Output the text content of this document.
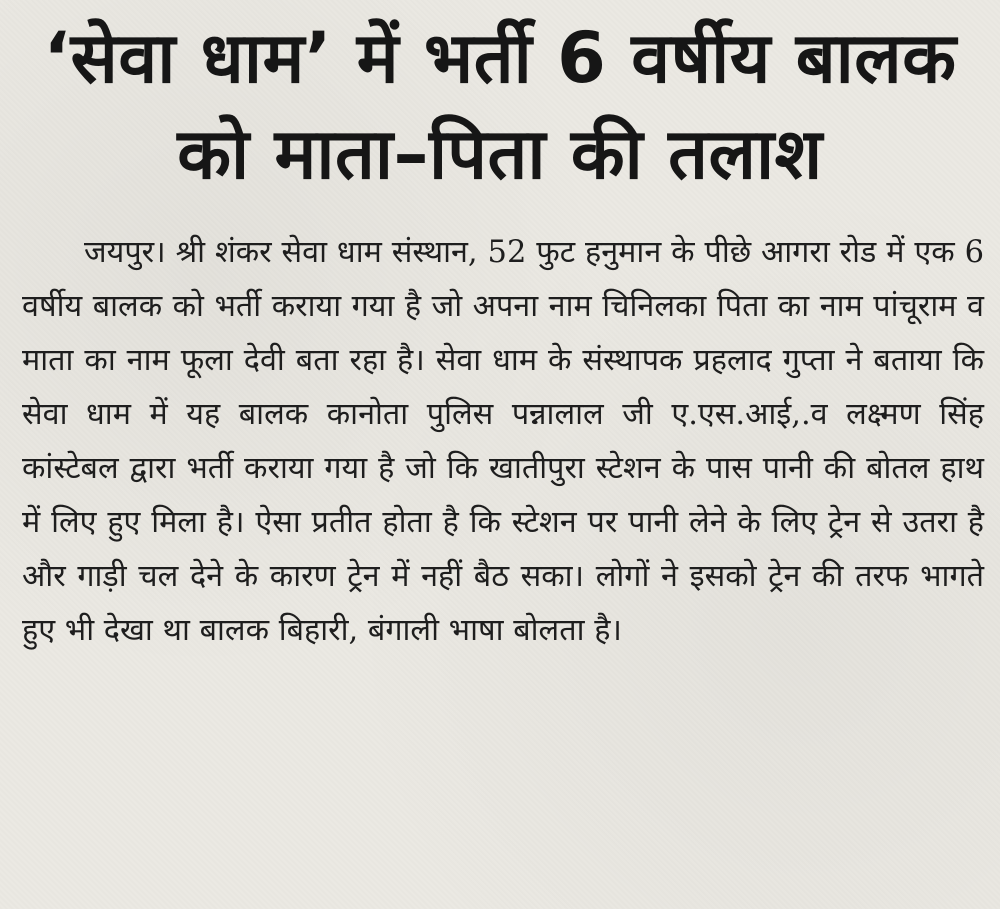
‘सेवा धाम’ में भर्ती 6 वर्षीय बालक
को माता–पिता की तलाश

जयपुर। श्री शंकर सेवा धाम संस्थान, 52 फुट हनुमान के पीछे आगरा रोड में एक 6 वर्षीय बालक को भर्ती कराया गया है जो अपना नाम चिनिलका पिता का नाम पांचूराम व माता का नाम फूला देवी बता रहा है। सेवा धाम के संस्थापक प्रहलाद गुप्ता ने बताया कि सेवा धाम में यह बालक कानोता पुलिस पन्नालाल जी ए.एस.आई,.व लक्ष्मण सिंह कांस्टेबल द्वारा भर्ती कराया गया है जो कि खातीपुरा स्टेशन के पास पानी की बोतल हाथ में लिए हुए मिला है। ऐसा प्रतीत होता है कि स्टेशन पर पानी लेने के लिए ट्रेन से उतरा है और गाड़ी चल देने के कारण ट्रेन में नहीं बैठ सका। लोगों ने इसको ट्रेन की तरफ भागते हुए भी देखा था बालक बिहारी, बंगाली भाषा बोलता है।
